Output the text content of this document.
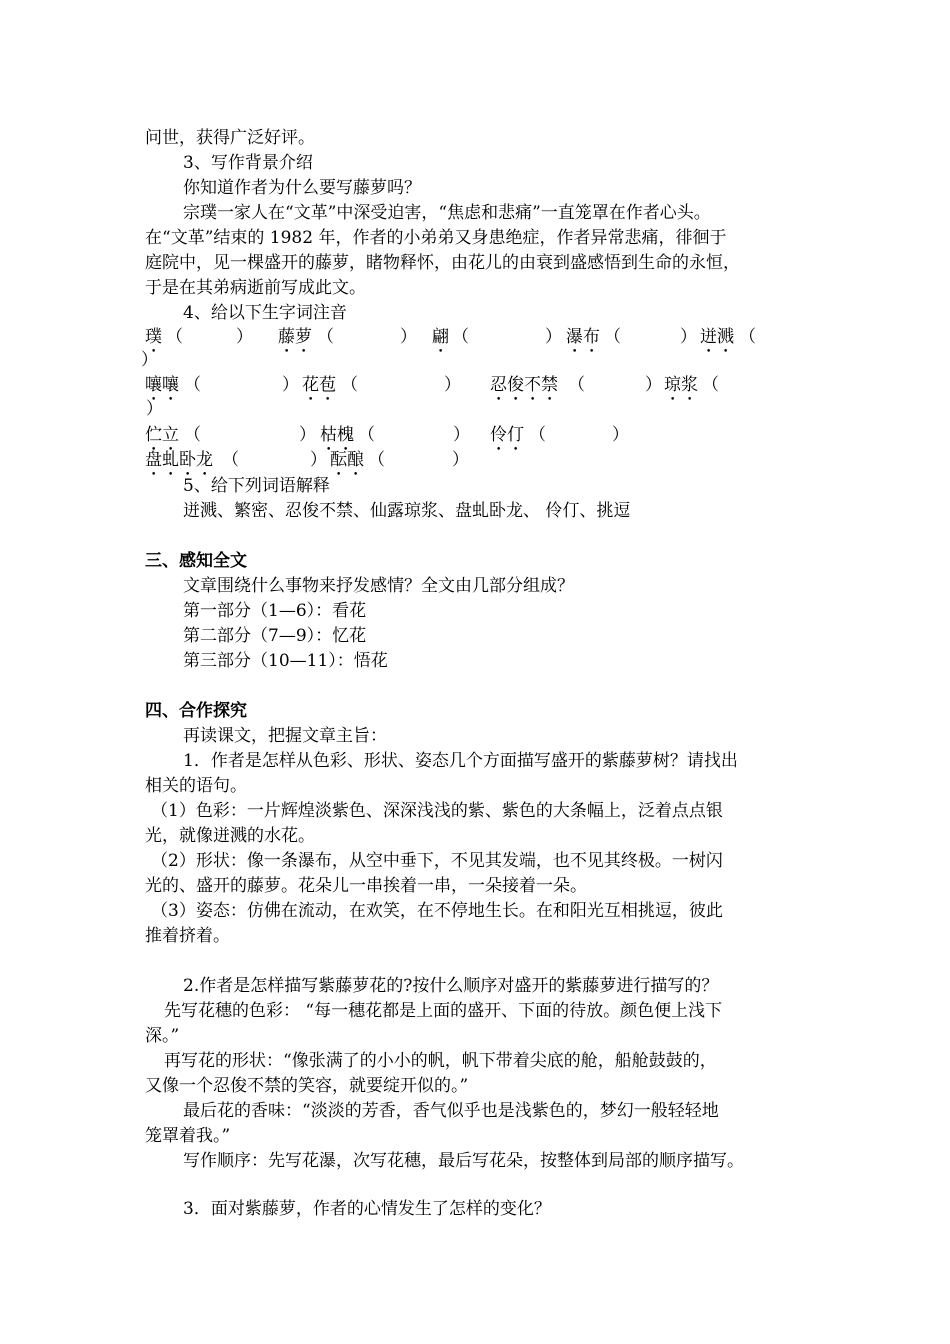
问世，获得广泛好评。
3、写作背景介绍
你知道作者为什么要写藤萝吗？
宗璞一家人在“文革”中深受迫害，“焦虑和悲痛”一直笼罩在作者心头。
在“文革”结束的 1982 年，作者的小弟弟又身患绝症，作者异常悲痛，徘徊于
庭院中，见一棵盛开的藤萝，睹物释怀，由花儿的由衰到盛感悟到生命的永恒，
于是在其弟病逝前写成此文。
4、给以下生字词注音
璞 （	） 藤萝 （	） 翩 （	） 瀑布 （	） 迸溅 （
）
嚷嚷 （	） 花苞 （	） 忍俊不禁 （	） 琼浆 （
）
伫立 （	） 枯槐 （	） 伶仃 （	）
盘虬卧龙 （	） 酝酿 （	）
5、给下列词语解释
迸溅、繁密、忍俊不禁、仙露琼浆、盘虬卧龙、 伶仃、挑逗
三、感知全文
文章围绕什么事物来抒发感情？全文由几部分组成？
第一部分（1—6）：看花
第二部分（7—9）：忆花
第三部分（10—11）：悟花
四、合作探究
再读课文，把握文章主旨：
1．作者是怎样从色彩、形状、姿态几个方面描写盛开的紫藤萝树？请找出
相关的语句。
（1）色彩：一片辉煌淡紫色、深深浅浅的紫、紫色的大条幅上，泛着点点银
光，就像迸溅的水花。
（2）形状：像一条瀑布，从空中垂下，不见其发端，也不见其终极。一树闪
光的、盛开的藤萝。花朵儿一串挨着一串，一朵接着一朵。
（3）姿态：仿佛在流动，在欢笑，在不停地生长。在和阳光互相挑逗，彼此
推着挤着。
2.作者是怎样描写紫藤萝花的?按什么顺序对盛开的紫藤萝进行描写的？
先写花穗的色彩： “每一穗花都是上面的盛开、下面的待放。颜色便上浅下
深。”
再写花的形状：“像张满了的小小的帆，帆下带着尖底的舱，船舱鼓鼓的，
又像一个忍俊不禁的笑容，就要绽开似的。”
最后花的香味：“淡淡的芳香，香气似乎也是浅紫色的，梦幻一般轻轻地
笼罩着我。”
写作顺序：先写花瀑，次写花穗，最后写花朵，按整体到局部的顺序描写。
3．面对紫藤萝，作者的心情发生了怎样的变化？
